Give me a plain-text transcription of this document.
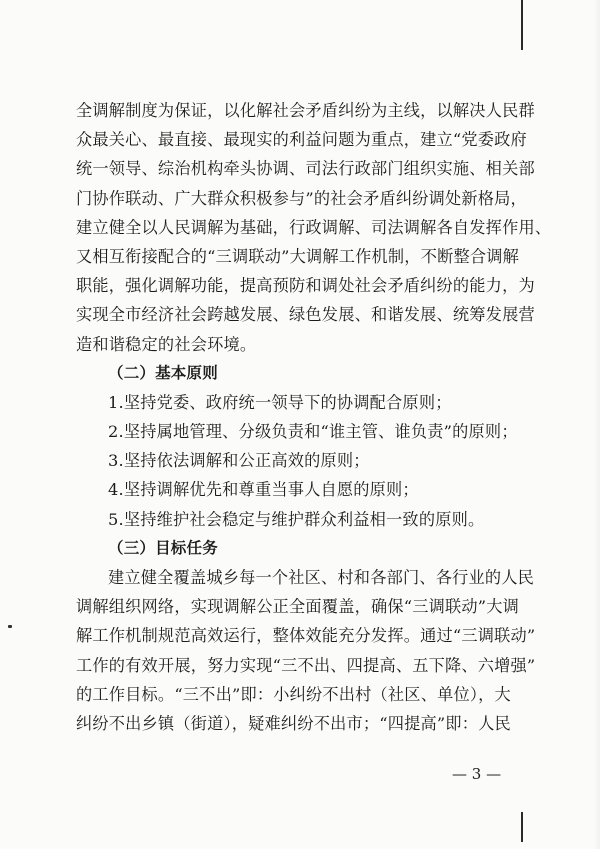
全调解制度为保证，以化解社会矛盾纠纷为主线，以解决人民群
众最关心、最直接、最现实的利益问题为重点，建立“党委政府
统一领导、综治机构牵头协调、司法行政部门组织实施、相关部
门协作联动、广大群众积极参与”的社会矛盾纠纷调处新格局，
建立健全以人民调解为基础，行政调解、司法调解各自发挥作用、
又相互衔接配合的“三调联动”大调解工作机制，不断整合调解
职能，强化调解功能，提高预防和调处社会矛盾纠纷的能力，为
实现全市经济社会跨越发展、绿色发展、和谐发展、统筹发展营
造和谐稳定的社会环境。
（二）基本原则
1.坚持党委、政府统一领导下的协调配合原则；
2.坚持属地管理、分级负责和“谁主管、谁负责”的原则；
3.坚持依法调解和公正高效的原则；
4.坚持调解优先和尊重当事人自愿的原则；
5.坚持维护社会稳定与维护群众利益相一致的原则。
（三）目标任务
建立健全覆盖城乡每一个社区、村和各部门、各行业的人民
调解组织网络，实现调解公正全面覆盖，确保“三调联动”大调
解工作机制规范高效运行，整体效能充分发挥。通过“三调联动”
工作的有效开展，努力实现“三不出、四提高、五下降、六增强”
的工作目标。“三不出”即：小纠纷不出村（社区、单位），大
纠纷不出乡镇（街道），疑难纠纷不出市；“四提高”即：人民
— 3 —
